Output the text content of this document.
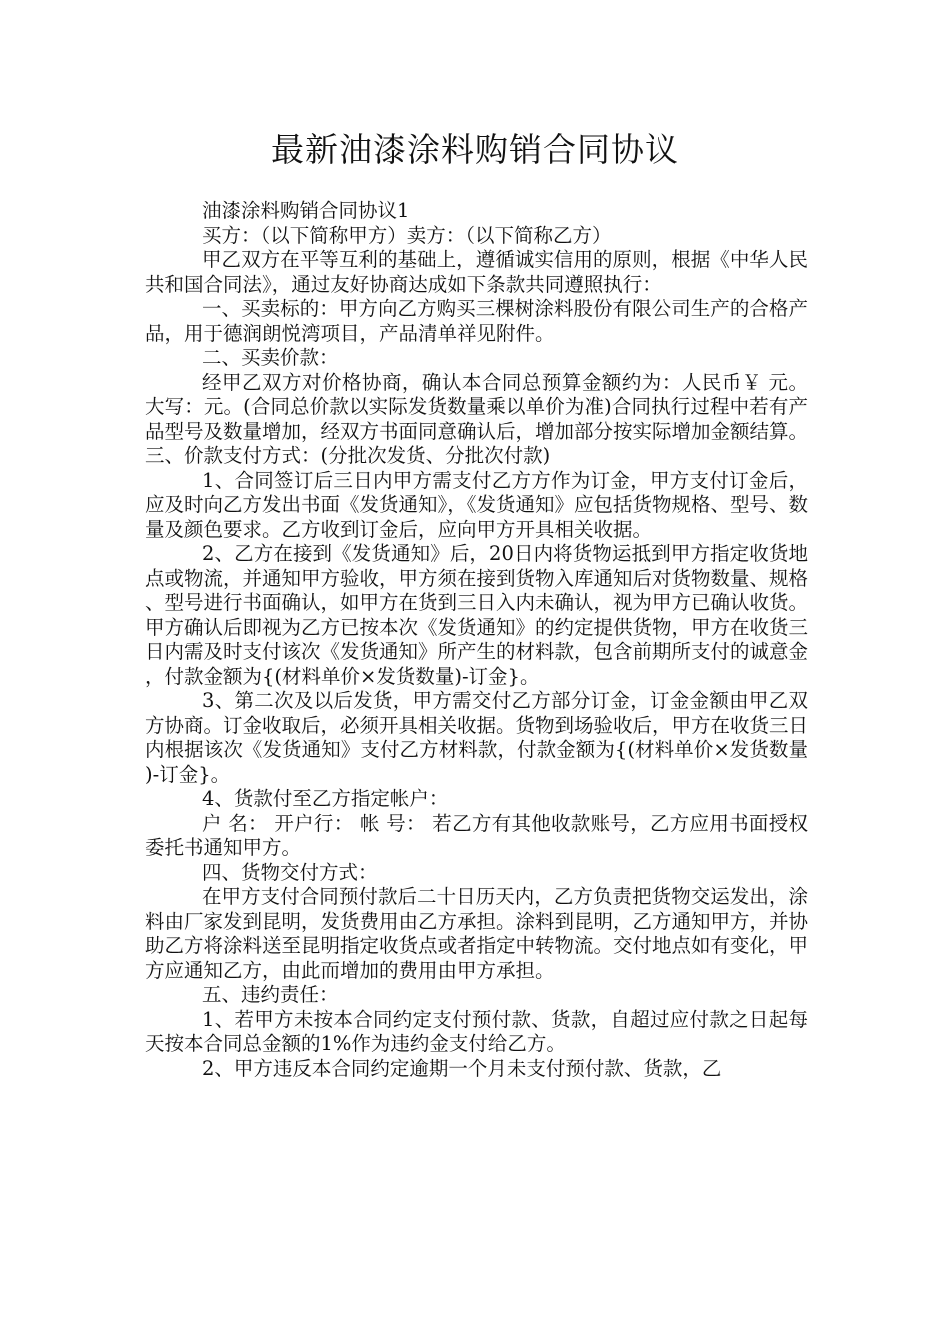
最新油漆涂料购销合同协议

油漆涂料购销合同协议1

买方：（以下简称甲方）卖方：（以下简称乙方）

甲乙双方在平等互利的基础上，遵循诚实信用的原则，根据《中华人民共和国合同法》，通过友好协商达成如下条款共同遵照执行：

一、买卖标的：甲方向乙方购买三棵树涂料股份有限公司生产的合格产品，用于德润朗悦湾项目，产品清单祥见附件。

二、买卖价款：

经甲乙双方对价格协商，确认本合同总预算金额约为：人民币￥ 元。大写：元。(合同总价款以实际发货数量乘以单价为准)合同执行过程中若有产品型号及数量增加，经双方书面同意确认后，增加部分按实际增加金额结算。三、价款支付方式：(分批次发货、分批次付款)

1、合同签订后三日内甲方需支付乙方方作为订金，甲方支付订金后，应及时向乙方发出书面《发货通知》，《发货通知》应包括货物规格、型号、数量及颜色要求。乙方收到订金后，应向甲方开具相关收据。

2、乙方在接到《发货通知》后，20日内将货物运抵到甲方指定收货地点或物流，并通知甲方验收，甲方须在接到货物入库通知后对货物数量、规格、型号进行书面确认，如甲方在货到三日入内未确认，视为甲方已确认收货。甲方确认后即视为乙方已按本次《发货通知》的约定提供货物，甲方在收货三日内需及时支付该次《发货通知》所产生的材料款，包含前期所支付的诚意金，付款金额为{(材料单价×发货数量)-订金}。

3、第二次及以后发货，甲方需交付乙方部分订金，订金金额由甲乙双方协商。订金收取后，必须开具相关收据。货物到场验收后，甲方在收货三日内根据该次《发货通知》支付乙方材料款，付款金额为{(材料单价×发货数量)-订金}。

4、货款付至乙方指定帐户：

户 名： 开户行： 帐 号： 若乙方有其他收款账号，乙方应用书面授权委托书通知甲方。

四、货物交付方式：

在甲方支付合同预付款后二十日历天内，乙方负责把货物交运发出，涂料由厂家发到昆明，发货费用由乙方承担。涂料到昆明，乙方通知甲方，并协助乙方将涂料送至昆明指定收货点或者指定中转物流。交付地点如有变化，甲方应通知乙方，由此而增加的费用由甲方承担。

五、违约责任：

1、若甲方未按本合同约定支付预付款、货款，自超过应付款之日起每天按本合同总金额的1%作为违约金支付给乙方。

2、甲方违反本合同约定逾期一个月未支付预付款、货款，乙
